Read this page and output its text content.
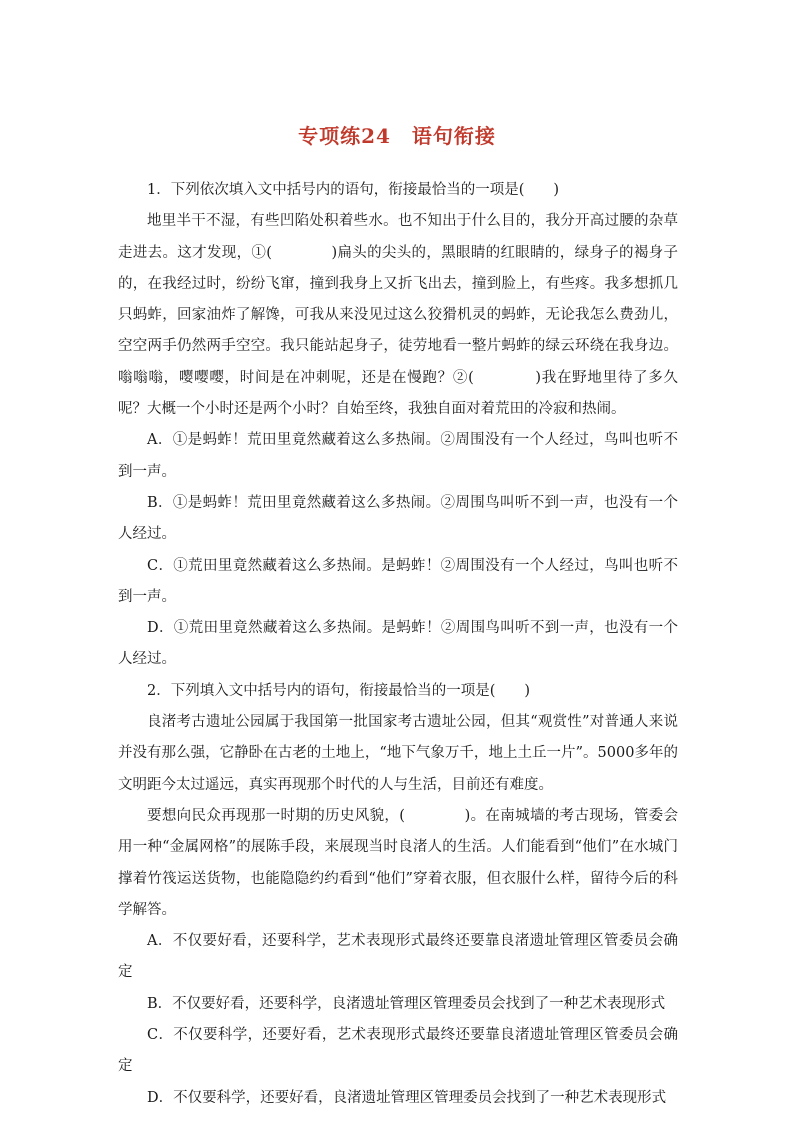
专项练24　语句衔接

1．下列依次填入文中括号内的语句，衔接最恰当的一项是(　　)

地里半干不湿，有些凹陷处积着些水。也不知出于什么目的，我分开高过腰的杂草走进去。这才发现，①(　　　　)扁头的尖头的，黑眼睛的红眼睛的，绿身子的褐身子的，在我经过时，纷纷飞窜，撞到我身上又折飞出去，撞到脸上，有些疼。我多想抓几只蚂蚱，回家油炸了解馋，可我从来没见过这么狡猾机灵的蚂蚱，无论我怎么费劲儿，空空两手仍然两手空空。我只能站起身子，徒劳地看一整片蚂蚱的绿云环绕在我身边。嗡嗡嗡，嘤嘤嘤，时间是在冲刺呢，还是在慢跑？②(　　　　)我在野地里待了多久呢？大概一个小时还是两个小时？自始至终，我独自面对着荒田的冷寂和热闹。

A．①是蚂蚱！荒田里竟然藏着这么多热闹。②周围没有一个人经过，鸟叫也听不到一声。

B．①是蚂蚱！荒田里竟然藏着这么多热闹。②周围鸟叫听不到一声，也没有一个人经过。

C．①荒田里竟然藏着这么多热闹。是蚂蚱！②周围没有一个人经过，鸟叫也听不到一声。

D．①荒田里竟然藏着这么多热闹。是蚂蚱！②周围鸟叫听不到一声，也没有一个人经过。

2．下列填入文中括号内的语句，衔接最恰当的一项是(　　)

良渚考古遗址公园属于我国第一批国家考古遗址公园，但其“观赏性”对普通人来说并没有那么强，它静卧在古老的土地上，“地下气象万千，地上土丘一片”。5000多年的文明距今太过遥远，真实再现那个时代的人与生活，目前还有难度。

要想向民众再现那一时期的历史风貌，(　　　　)。在南城墙的考古现场，管委会用一种“金属网格”的展陈手段，来展现当时良渚人的生活。人们能看到“他们”在水城门撑着竹筏运送货物，也能隐隐约约看到“他们”穿着衣服，但衣服什么样，留待今后的科学解答。

A．不仅要好看，还要科学，艺术表现形式最终还要靠良渚遗址管理区管委员会确定

B．不仅要好看，还要科学，良渚遗址管理区管理委员会找到了一种艺术表现形式

C．不仅要科学，还要好看，艺术表现形式最终还要靠良渚遗址管理区管委员会确定

D．不仅要科学，还要好看，良渚遗址管理区管理委员会找到了一种艺术表现形式
